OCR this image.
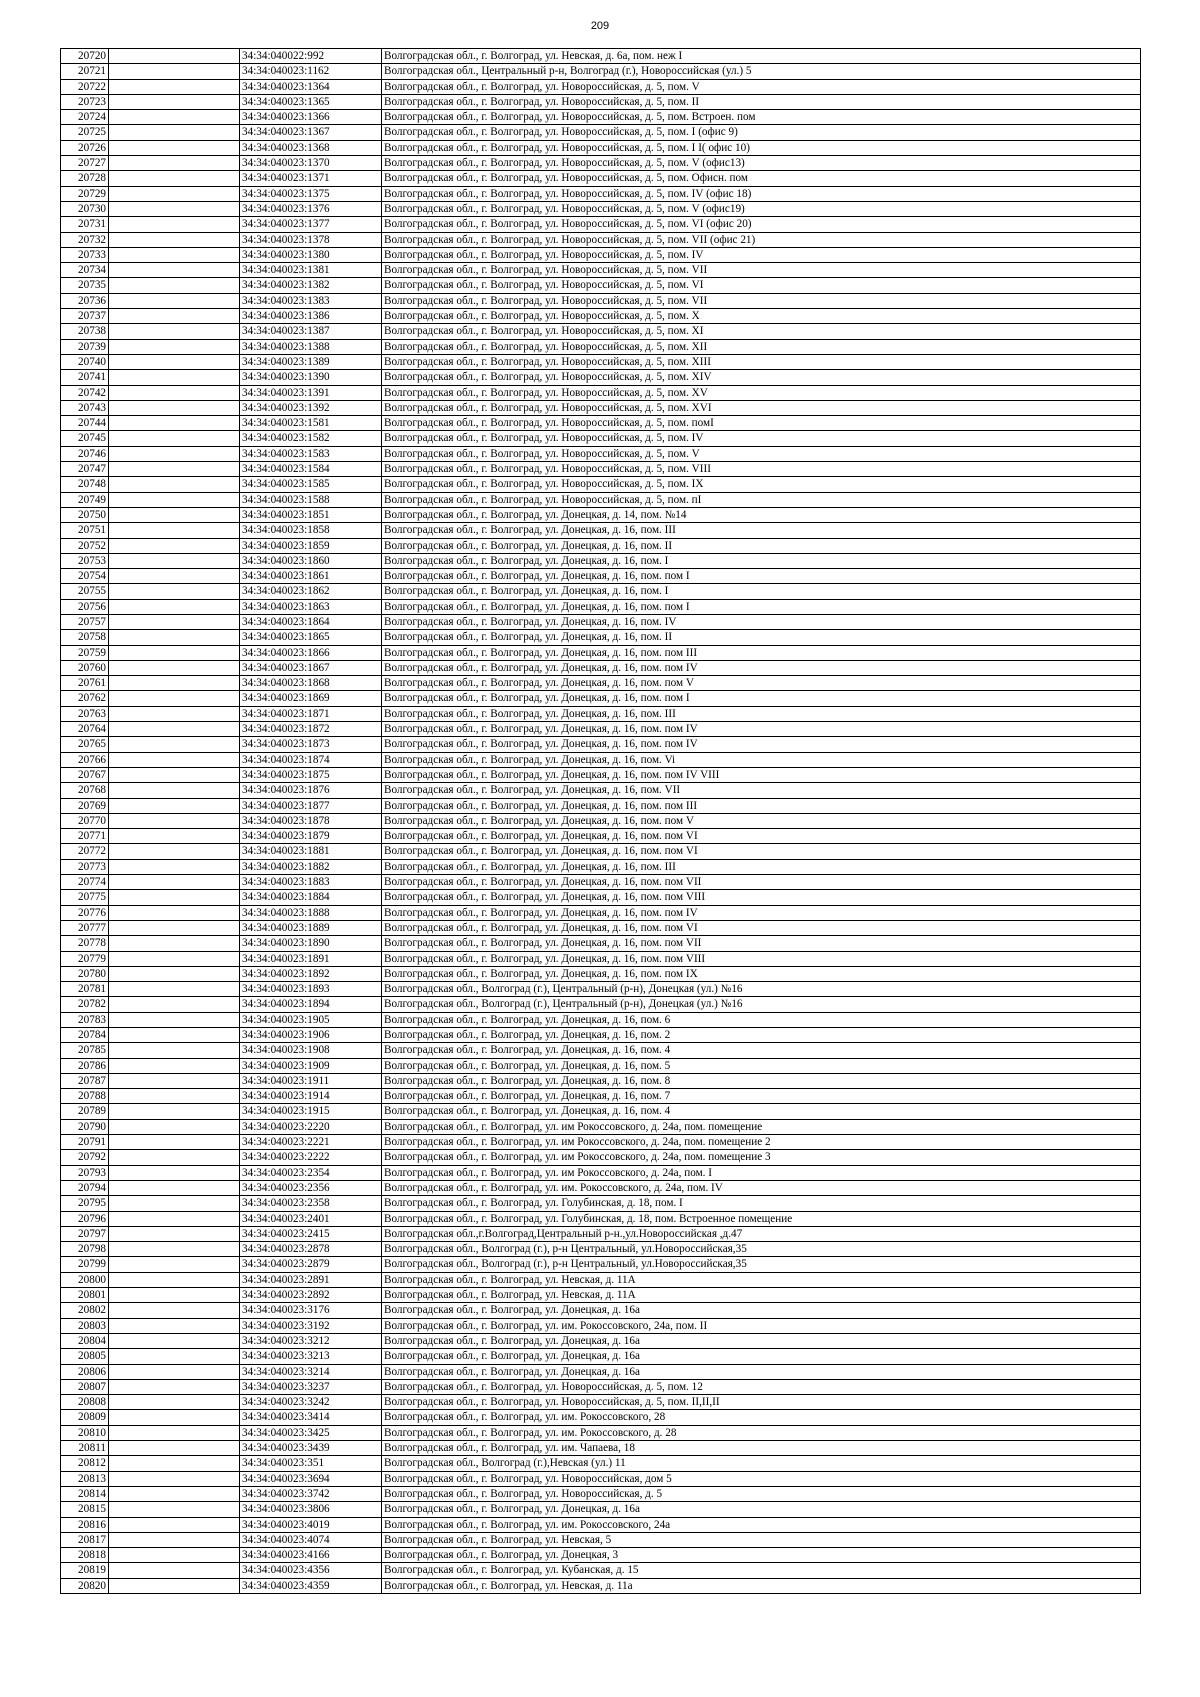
209
20720		34:34:040022:992	Волгоградская обл., г. Волгоград, ул. Невская, д. 6а, пом. неж I
20721		34:34:040023:1162	Волгоградская обл., Центральный р-н, Волгоград (г.), Новороссийская (ул.) 5
20722		34:34:040023:1364	Волгоградская обл., г. Волгоград, ул. Новороссийская, д. 5, пом. V
20723		34:34:040023:1365	Волгоградская обл., г. Волгоград, ул. Новороссийская, д. 5, пом. II
20724		34:34:040023:1366	Волгоградская обл., г. Волгоград, ул. Новороссийская, д. 5, пом. Встроен. пом
20725		34:34:040023:1367	Волгоградская обл., г. Волгоград, ул. Новороссийская, д. 5, пом. I (офис 9)
20726		34:34:040023:1368	Волгоградская обл., г. Волгоград, ул. Новороссийская, д. 5, пом. I I( офис 10)
20727		34:34:040023:1370	Волгоградская обл., г. Волгоград, ул. Новороссийская, д. 5, пом. V (офис13)
20728		34:34:040023:1371	Волгоградская обл., г. Волгоград, ул. Новороссийская, д. 5, пом. Офисн. пом
20729		34:34:040023:1375	Волгоградская обл., г. Волгоград, ул. Новороссийская, д. 5, пом. IV (офис 18)
20730		34:34:040023:1376	Волгоградская обл., г. Волгоград, ул. Новороссийская, д. 5, пом. V (офис19)
20731		34:34:040023:1377	Волгоградская обл., г. Волгоград, ул. Новороссийская, д. 5, пом. VI (офис 20)
20732		34:34:040023:1378	Волгоградская обл., г. Волгоград, ул. Новороссийская, д. 5, пом. VII (офис 21)
20733		34:34:040023:1380	Волгоградская обл., г. Волгоград, ул. Новороссийская, д. 5, пом. IV
20734		34:34:040023:1381	Волгоградская обл., г. Волгоград, ул. Новороссийская, д. 5, пом. VII
20735		34:34:040023:1382	Волгоградская обл., г. Волгоград, ул. Новороссийская, д. 5, пом. VI
20736		34:34:040023:1383	Волгоградская обл., г. Волгоград, ул. Новороссийская, д. 5, пом. VII
20737		34:34:040023:1386	Волгоградская обл., г. Волгоград, ул. Новороссийская, д. 5, пом. X
20738		34:34:040023:1387	Волгоградская обл., г. Волгоград, ул. Новороссийская, д. 5, пом. XI
20739		34:34:040023:1388	Волгоградская обл., г. Волгоград, ул. Новороссийская, д. 5, пом. XII
20740		34:34:040023:1389	Волгоградская обл., г. Волгоград, ул. Новороссийская, д. 5, пом. XIII
20741		34:34:040023:1390	Волгоградская обл., г. Волгоград, ул. Новороссийская, д. 5, пом. XIV
20742		34:34:040023:1391	Волгоградская обл., г. Волгоград, ул. Новороссийская, д. 5, пом. XV
20743		34:34:040023:1392	Волгоградская обл., г. Волгоград, ул. Новороссийская, д. 5, пом. XVI
20744		34:34:040023:1581	Волгоградская обл., г. Волгоград, ул. Новороссийская, д. 5, пом. помI
20745		34:34:040023:1582	Волгоградская обл., г. Волгоград, ул. Новороссийская, д. 5, пом. IV
20746		34:34:040023:1583	Волгоградская обл., г. Волгоград, ул. Новороссийская, д. 5, пом. V
20747		34:34:040023:1584	Волгоградская обл., г. Волгоград, ул. Новороссийская, д. 5, пом. VIII
20748		34:34:040023:1585	Волгоградская обл., г. Волгоград, ул. Новороссийская, д. 5, пом. IX
20749		34:34:040023:1588	Волгоградская обл., г. Волгоград, ул. Новороссийская, д. 5, пом. пI
20750		34:34:040023:1851	Волгоградская обл., г. Волгоград, ул. Донецкая, д. 14, пом. №14
20751		34:34:040023:1858	Волгоградская обл., г. Волгоград, ул. Донецкая, д. 16, пом. III
20752		34:34:040023:1859	Волгоградская обл., г. Волгоград, ул. Донецкая, д. 16, пом. II
20753		34:34:040023:1860	Волгоградская обл., г. Волгоград, ул. Донецкая, д. 16, пом. I
20754		34:34:040023:1861	Волгоградская обл., г. Волгоград, ул. Донецкая, д. 16, пом. пом I
20755		34:34:040023:1862	Волгоградская обл., г. Волгоград, ул. Донецкая, д. 16, пом. I
20756		34:34:040023:1863	Волгоградская обл., г. Волгоград, ул. Донецкая, д. 16, пом. пом I
20757		34:34:040023:1864	Волгоградская обл., г. Волгоград, ул. Донецкая, д. 16, пом. IV
20758		34:34:040023:1865	Волгоградская обл., г. Волгоград, ул. Донецкая, д. 16, пом. II
20759		34:34:040023:1866	Волгоградская обл., г. Волгоград, ул. Донецкая, д. 16, пом. пом III
20760		34:34:040023:1867	Волгоградская обл., г. Волгоград, ул. Донецкая, д. 16, пом. пом IV
20761		34:34:040023:1868	Волгоградская обл., г. Волгоград, ул. Донецкая, д. 16, пом. пом V
20762		34:34:040023:1869	Волгоградская обл., г. Волгоград, ул. Донецкая, д. 16, пом. пом I
20763		34:34:040023:1871	Волгоградская обл., г. Волгоград, ул. Донецкая, д. 16, пом. III
20764		34:34:040023:1872	Волгоградская обл., г. Волгоград, ул. Донецкая, д. 16, пом. пом IV
20765		34:34:040023:1873	Волгоградская обл., г. Волгоград, ул. Донецкая, д. 16, пом. пом IV
20766		34:34:040023:1874	Волгоградская обл., г. Волгоград, ул. Донецкая, д. 16, пом. Vi
20767		34:34:040023:1875	Волгоградская обл., г. Волгоград, ул. Донецкая, д. 16, пом. пом IV VIII
20768		34:34:040023:1876	Волгоградская обл., г. Волгоград, ул. Донецкая, д. 16, пом. VII
20769		34:34:040023:1877	Волгоградская обл., г. Волгоград, ул. Донецкая, д. 16, пом. пом III
20770		34:34:040023:1878	Волгоградская обл., г. Волгоград, ул. Донецкая, д. 16, пом. пом V
20771		34:34:040023:1879	Волгоградская обл., г. Волгоград, ул. Донецкая, д. 16, пом. пом VI
20772		34:34:040023:1881	Волгоградская обл., г. Волгоград, ул. Донецкая, д. 16, пом. пом VI
20773		34:34:040023:1882	Волгоградская обл., г. Волгоград, ул. Донецкая, д. 16, пом. III
20774		34:34:040023:1883	Волгоградская обл., г. Волгоград, ул. Донецкая, д. 16, пом. пом VII
20775		34:34:040023:1884	Волгоградская обл., г. Волгоград, ул. Донецкая, д. 16, пом. пом VIII
20776		34:34:040023:1888	Волгоградская обл., г. Волгоград, ул. Донецкая, д. 16, пом. пом IV
20777		34:34:040023:1889	Волгоградская обл., г. Волгоград, ул. Донецкая, д. 16, пом. пом VI
20778		34:34:040023:1890	Волгоградская обл., г. Волгоград, ул. Донецкая, д. 16, пом. пом VII
20779		34:34:040023:1891	Волгоградская обл., г. Волгоград, ул. Донецкая, д. 16, пом. пом VIII
20780		34:34:040023:1892	Волгоградская обл., г. Волгоград, ул. Донецкая, д. 16, пом. пом IX
20781		34:34:040023:1893	Волгоградская обл., Волгоград (г.), Центральный (р-н), Донецкая (ул.) №16
20782		34:34:040023:1894	Волгоградская обл., Волгоград (г.), Центральный (р-н), Донецкая (ул.) №16
20783		34:34:040023:1905	Волгоградская обл., г. Волгоград, ул. Донецкая, д. 16, пом. 6
20784		34:34:040023:1906	Волгоградская обл., г. Волгоград, ул. Донецкая, д. 16, пом. 2
20785		34:34:040023:1908	Волгоградская обл., г. Волгоград, ул. Донецкая, д. 16, пом. 4
20786		34:34:040023:1909	Волгоградская обл., г. Волгоград, ул. Донецкая, д. 16, пом. 5
20787		34:34:040023:1911	Волгоградская обл., г. Волгоград, ул. Донецкая, д. 16, пом. 8
20788		34:34:040023:1914	Волгоградская обл., г. Волгоград, ул. Донецкая, д. 16, пом. 7
20789		34:34:040023:1915	Волгоградская обл., г. Волгоград, ул. Донецкая, д. 16, пом. 4
20790		34:34:040023:2220	Волгоградская обл., г. Волгоград, ул. им Рокоссовского, д. 24а, пом. помещение
20791		34:34:040023:2221	Волгоградская обл., г. Волгоград, ул. им Рокоссовского, д. 24а, пом. помещение 2
20792		34:34:040023:2222	Волгоградская обл., г. Волгоград, ул. им Рокоссовского, д. 24а, пом. помещение 3
20793		34:34:040023:2354	Волгоградская обл., г. Волгоград, ул. им Рокоссовского, д. 24а, пом. I
20794		34:34:040023:2356	Волгоградская обл., г. Волгоград, ул. им. Рокоссовского, д. 24а, пом. IV
20795		34:34:040023:2358	Волгоградская обл., г. Волгоград, ул. Голубинская, д. 18, пом. I
20796		34:34:040023:2401	Волгоградская обл., г. Волгоград, ул. Голубинская, д. 18, пом. Встроенное помещение
20797		34:34:040023:2415	Волгоградская обл.,г.Волгоград,Центральный р-н.,ул.Новороссийская ,д.47
20798		34:34:040023:2878	Волгоградская обл., Волгоград (г.), р-н Центральный, ул.Новороссийская,35
20799		34:34:040023:2879	Волгоградская обл., Волгоград (г.), р-н Центральный, ул.Новороссийская,35
20800		34:34:040023:2891	Волгоградская обл., г. Волгоград, ул. Невская, д. 11А
20801		34:34:040023:2892	Волгоградская обл., г. Волгоград, ул. Невская, д. 11А
20802		34:34:040023:3176	Волгоградская обл., г. Волгоград, ул. Донецкая, д. 16а
20803		34:34:040023:3192	Волгоградская обл., г. Волгоград, ул. им. Рокоссовского, 24а, пом. II
20804		34:34:040023:3212	Волгоградская обл., г. Волгоград, ул. Донецкая, д. 16а
20805		34:34:040023:3213	Волгоградская обл., г. Волгоград, ул. Донецкая, д. 16а
20806		34:34:040023:3214	Волгоградская обл., г. Волгоград, ул. Донецкая, д. 16а
20807		34:34:040023:3237	Волгоградская обл., г. Волгоград, ул. Новороссийская, д. 5, пом. 12
20808		34:34:040023:3242	Волгоградская обл., г. Волгоград, ул. Новороссийская, д. 5, пом. II,II,II
20809		34:34:040023:3414	Волгоградская обл., г. Волгоград, ул. им. Рокоссовского, 28
20810		34:34:040023:3425	Волгоградская обл., г. Волгоград, ул. им. Рокоссовского, д. 28
20811		34:34:040023:3439	Волгоградская обл., г. Волгоград, ул. им. Чапаева, 18
20812		34:34:040023:351	Волгоградская обл., Волгоград (г.),Невская (ул.) 11
20813		34:34:040023:3694	Волгоградская обл., г. Волгоград, ул. Новороссийская, дом 5
20814		34:34:040023:3742	Волгоградская обл., г. Волгоград, ул. Новороссийская, д. 5
20815		34:34:040023:3806	Волгоградская обл., г. Волгоград, ул. Донецкая, д. 16а
20816		34:34:040023:4019	Волгоградская обл., г. Волгоград, ул. им. Рокоссовского, 24а
20817		34:34:040023:4074	Волгоградская обл., г. Волгоград, ул. Невская, 5
20818		34:34:040023:4166	Волгоградская обл., г. Волгоград, ул. Донецкая, 3
20819		34:34:040023:4356	Волгоградская обл., г. Волгоград, ул. Кубанская, д. 15
20820		34:34:040023:4359	Волгоградская обл., г. Волгоград, ул. Невская, д. 11а
